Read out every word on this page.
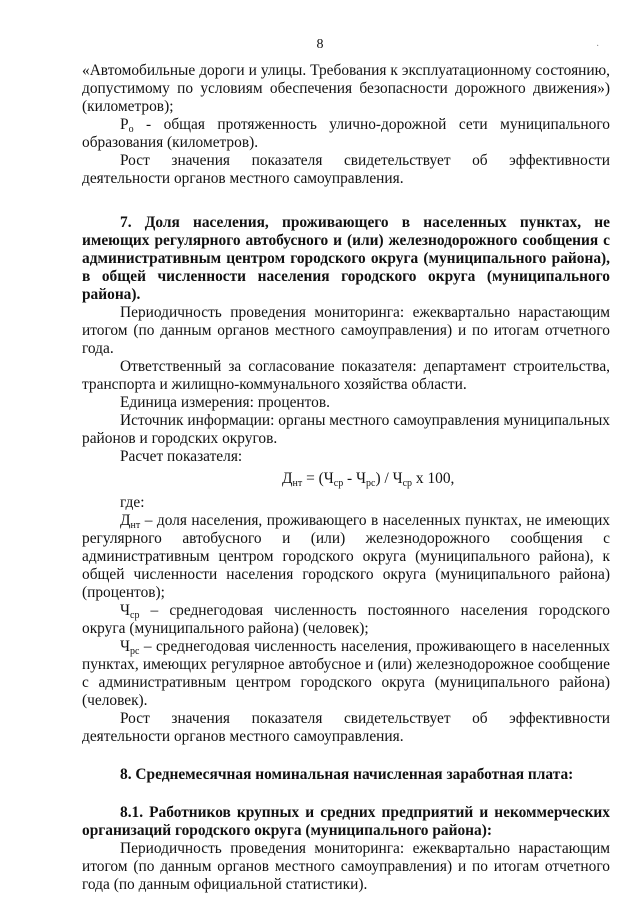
8	·

«Автомобильные дороги и улицы. Требования к эксплуатационному состоянию, допустимому по условиям обеспечения безопасности дорожного движения») (километров);

$Р_о$ - общая протяженность улично-дорожной сети муниципального образования (километров).

Рост значения показателя свидетельствует об эффективности деятельности органов местного самоуправления.

7. Доля населения, проживающего в населенных пунктах, не имеющих регулярного автобусного и (или) железнодорожного сообщения с административным центром городского округа (муниципального района), в общей численности населения городского округа (муниципального района).

Периодичность проведения мониторинга: ежеквартально нарастающим итогом (по данным органов местного самоуправления) и по итогам отчетного года.

Ответственный за согласование показателя: департамент строительства, транспорта и жилищно-коммунального хозяйства области.

Единица измерения: процентов.

Источник информации: органы местного самоуправления муниципальных районов и городских округов.

Расчет показателя:

$Д_{нт} = (Ч_{ср} - Ч_{рс}) / Ч_{ср}$ х 100,

где:

$Д_{нт}$ – доля населения, проживающего в населенных пунктах, не имеющих регулярного автобусного и (или) железнодорожного сообщения с административным центром городского округа (муниципального района), к общей численности населения городского округа (муниципального района) (процентов);

$Ч_{ср}$ – среднегодовая численность постоянного населения городского округа (муниципального района) (человек);

$Ч_{рс}$ – среднегодовая численность населения, проживающего в населенных пунктах, имеющих регулярное автобусное и (или) железнодорожное сообщение с административным центром городского округа (муниципального района) (человек).

Рост значения показателя свидетельствует об эффективности деятельности органов местного самоуправления.

8. Среднемесячная номинальная начисленная заработная плата:

8.1. Работников крупных и средних предприятий и некоммерческих организаций городского округа (муниципального района):

Периодичность проведения мониторинга: ежеквартально нарастающим итогом (по данным органов местного самоуправления) и по итогам отчетного года (по данным официальной статистики).
